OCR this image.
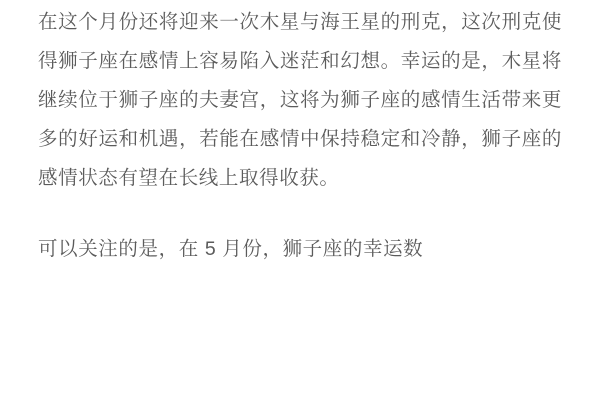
在这个月份还将迎来一次木星与海王星的刑克，这次刑克使得狮子座在感情上容易陷入迷茫和幻想。幸运的是，木星将继续位于狮子座的夫妻宫，这将为狮子座的感情生活带来更多的好运和机遇，若能在感情中保持稳定和冷静，狮子座的感情状态有望在长线上取得收获。

可以关注的是，在 5 月份，狮子座的幸运数
